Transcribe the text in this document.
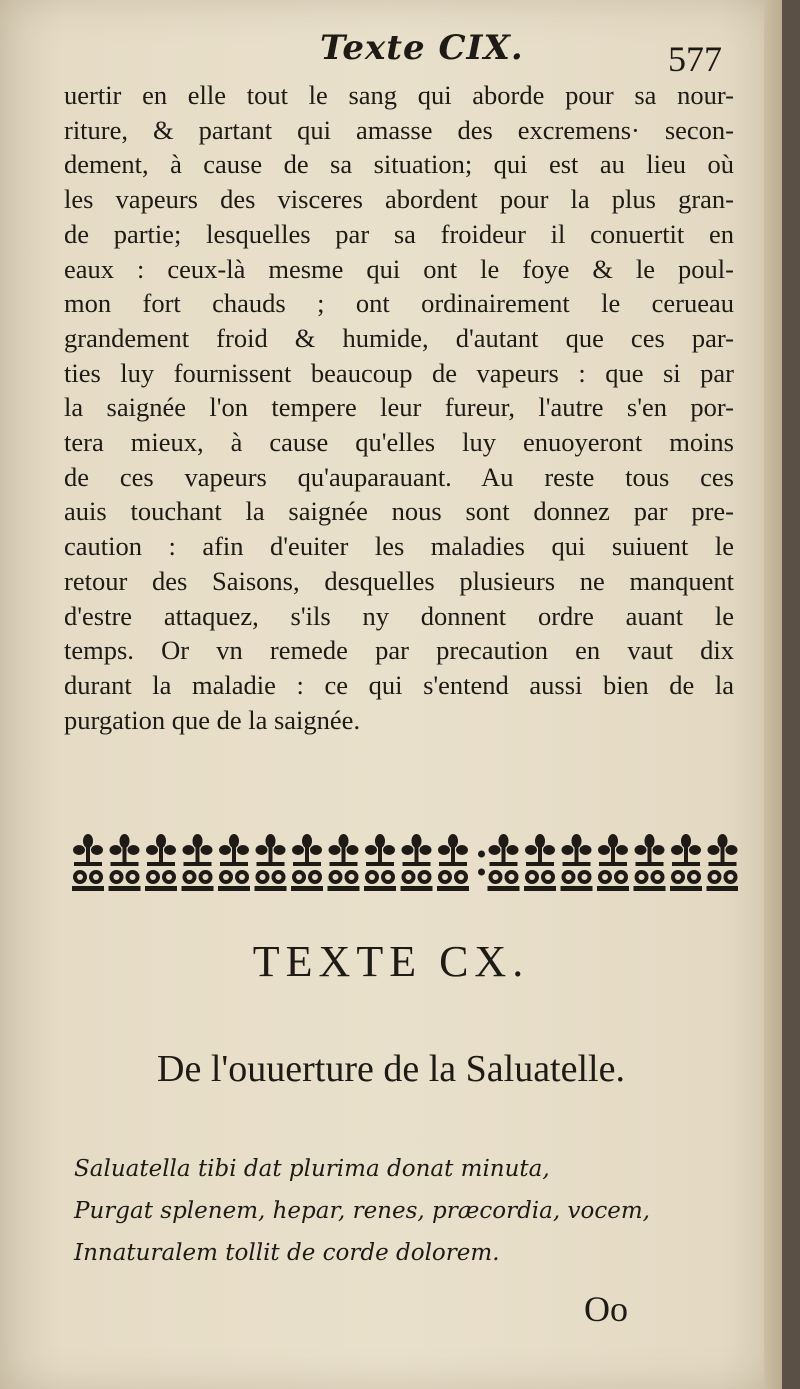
Texte CIX.	577
uertir en elle tout le sang qui aborde pour sa nour-
riture, & partant qui amasse des excremens· secon-
dement, à cause de sa situation; qui est au lieu où
les vapeurs des visceres abordent pour la plus gran-
de partie; lesquelles par sa froideur il conuertit en
eaux : ceux-là mesme qui ont le foye & le poul-
mon fort chauds ; ont ordinairement le cerueau
grandement froid & humide, d'autant que ces par-
ties luy fournissent beaucoup de vapeurs : que si par
la saignée l'on tempere leur fureur, l'autre s'en por-
tera mieux, à cause qu'elles luy enuoyeront moins
de ces vapeurs qu'auparauant. Au reste tous ces
auis touchant la saignée nous sont donnez par pre-
caution : afin d'euiter les maladies qui suiuent le
retour des Saisons, desquelles plusieurs ne manquent
d'estre attaquez, s'ils ny donnent ordre auant le
temps. Or vn remede par precaution en vaut dix
durant la maladie : ce qui s'entend aussi bien de la
purgation que de la saignée.
TEXTE CX.
De l'ouuerture de la Saluatelle.
Saluatella tibi dat plurima donat minuta,
Purgat splenem, hepar, renes, præcordia, vocem,
Innaturalem tollit de corde dolorem.
Oo
